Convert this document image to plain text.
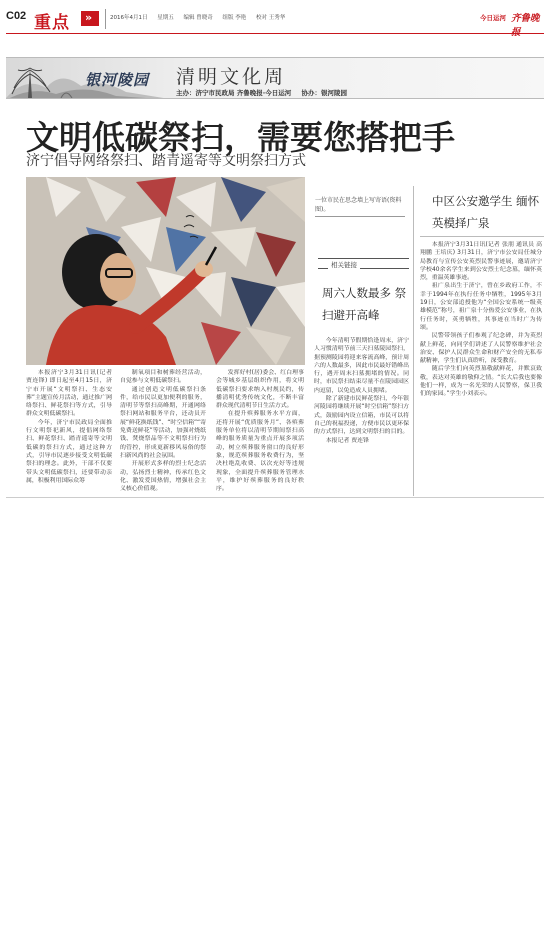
C02 重点 »	2016年4月1日 星期五 编辑 曾晓奇 组版 李艳 校对 王秀华	今日运河 齐鲁晚
银河陵园 清明文化周
主办：济宁市民政局 齐鲁晚报·今日运河 协办：银河陵园
文明低碳祭扫，需要您搭把手
济宁倡导网络祭扫、踏青遥寄等文明祭扫方式
一位市民在思念墙上写寄语(资料图)。
相关链接
周六人数最多 祭扫避开高峰
中区公安邀学生 缅怀英模择广泉

本报济宁3月31日讯(记者 贾连锋) 即日起至4月15日，济宁市开展“文明祭扫、生态安葬”主题宣传月活动，通过推广网络祭扫、鲜花祭扫等方式，引导群众文明低碳祭扫。

今年，济宁市民政局全面推行文明祭祀新风，提倡网络祭扫、鲜花祭扫、踏青遥寄等文明低碳的祭扫方式，通过这种方式，引导市民逐步接受文明低碳祭扫的理念。此外，干部不仅要带头文明低碳祭扫，还要带动亲属，积极利用国际众筹

制氧项目和树葬经营活动，自觉参与文明低碳祭扫。

通过创造文明低碳祭扫条件，给市民以更加便利的服务，清明节等祭扫高峰期，开通网络祭扫网站和服务平台，还动员开展“鲜花换纸钱”、“时空信箱”“寄免费送鲜花”等活动，加强对烧纸钱、焚烧祭品等不文明祭扫行为的管控，形成更新移风易俗的祭扫新风尚的社会氛围。

开展形式多样的烈士纪念活动，弘扬烈士精神，传承红色文化、激发爱国热情，增强社会主义核心价值观。

发挥好村(居)委会、红白理事会等城乡基层组织作用，将文明低碳祭扫要求纳入村规民约，传播清明优秀传统文化，不断丰富群众现代清明节日生活方式。

在提升殡葬服务水平方面，还将开展“优质服务月”、各殡葬服务单位将以清明节期间祭扫高峰的服务质量为重点开展多项活动，树立殡葬服务窗口的良好形象，规范殡葬服务收费行为，坚决杜绝乱收费、以次充好等违规现象，全面提升殡葬服务管理水平，维护好殡葬服务的良好秩序。

今年清明节假期恰逢周末，济宁人习惯清明节前三天扫墓陵园祭扫，据预测陵园将迎来客流高峰，预计周六的人数最多，因此市民最好错峰出行，遇开周末扫墓拥堵的情况。同时，市民祭扫结束尽量不在陵园园区内逗留，以免造成人员拥堵。

除了新建市民鲜花祭扫，今年银河陵园将继续开展“时空信箱”祭扫方式，鼓励园内设立信箱，市民可以将自己的祝福投递，方便市民以更环保的方式祭扫，达到文明祭扫的目的。

本报记者 贾连锋

本报济宁3月31日讯(记者 张朋 通讯员 高翔鹏 王培庆) 3月31日，济宁市公安局任城分局教育与宣传公安英烈民警事迹展，邀请济宁学校40余名学生来到公安烈士纪念墓，缅怀英烈，重温英雄事迹。

祖广泉出生于济宁，曾在乡政府工作，不幸于1994年在执行任务中牺牲，1995年3月19日，公安部追授他为“全国公安系统一级英雄模范”称号，祖广泉十分热爱公安事业，在执行任务时，英勇牺牲，其事迹在当时广为传颂。

民警带领孩子们参观了纪念碑，并为英烈献上鲜花，向同学们讲述了人民警察维护社会治安、保护人民群众生命和财产安全的无私奉献精神，学生们认真聆听，深受教育。

随后学生们向英烈墓敬献鲜花，并默哀致敬，表达对英雄的敬仰之情。“长大后我也要像他们一样，成为一名光荣的人民警察，保卫我们的家园。”学生小刘表示。
